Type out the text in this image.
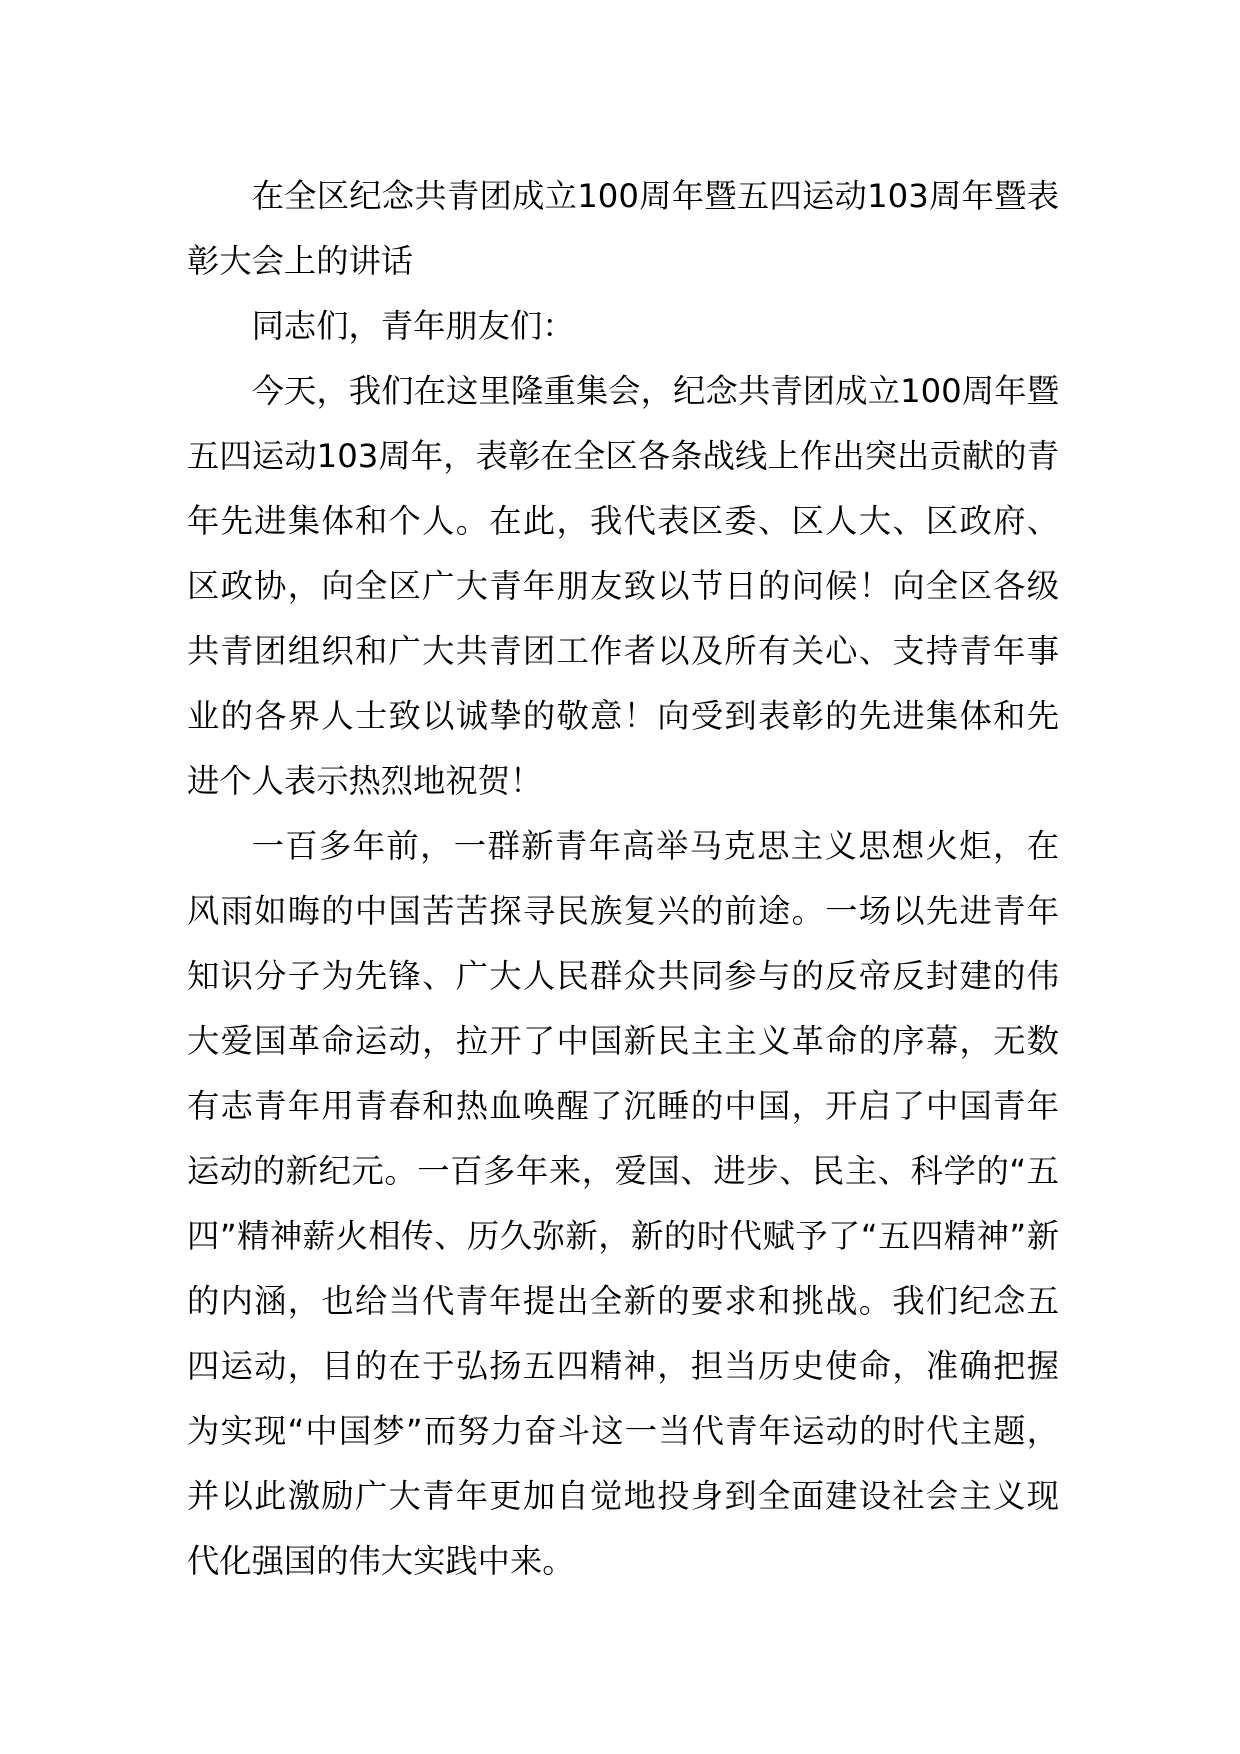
在全区纪念共青团成立100周年暨五四运动103周年暨表彰大会上的讲话

同志们，青年朋友们：

今天，我们在这里隆重集会，纪念共青团成立100周年暨五四运动103周年，表彰在全区各条战线上作出突出贡献的青年先进集体和个人。在此，我代表区委、区人大、区政府、区政协，向全区广大青年朋友致以节日的问候！向全区各级共青团组织和广大共青团工作者以及所有关心、支持青年事业的各界人士致以诚挚的敬意！向受到表彰的先进集体和先进个人表示热烈地祝贺！

一百多年前，一群新青年高举马克思主义思想火炬，在风雨如晦的中国苦苦探寻民族复兴的前途。一场以先进青年知识分子为先锋、广大人民群众共同参与的反帝反封建的伟大爱国革命运动，拉开了中国新民主主义革命的序幕，无数有志青年用青春和热血唤醒了沉睡的中国，开启了中国青年运动的新纪元。一百多年来，爱国、进步、民主、科学的“五四”精神薪火相传、历久弥新，新的时代赋予了“五四精神”新的内涵，也给当代青年提出全新的要求和挑战。我们纪念五四运动，目的在于弘扬五四精神，担当历史使命，准确把握为实现“中国梦”而努力奋斗这一当代青年运动的时代主题，并以此激励广大青年更加自觉地投身到全面建设社会主义现代化强国的伟大实践中来。
